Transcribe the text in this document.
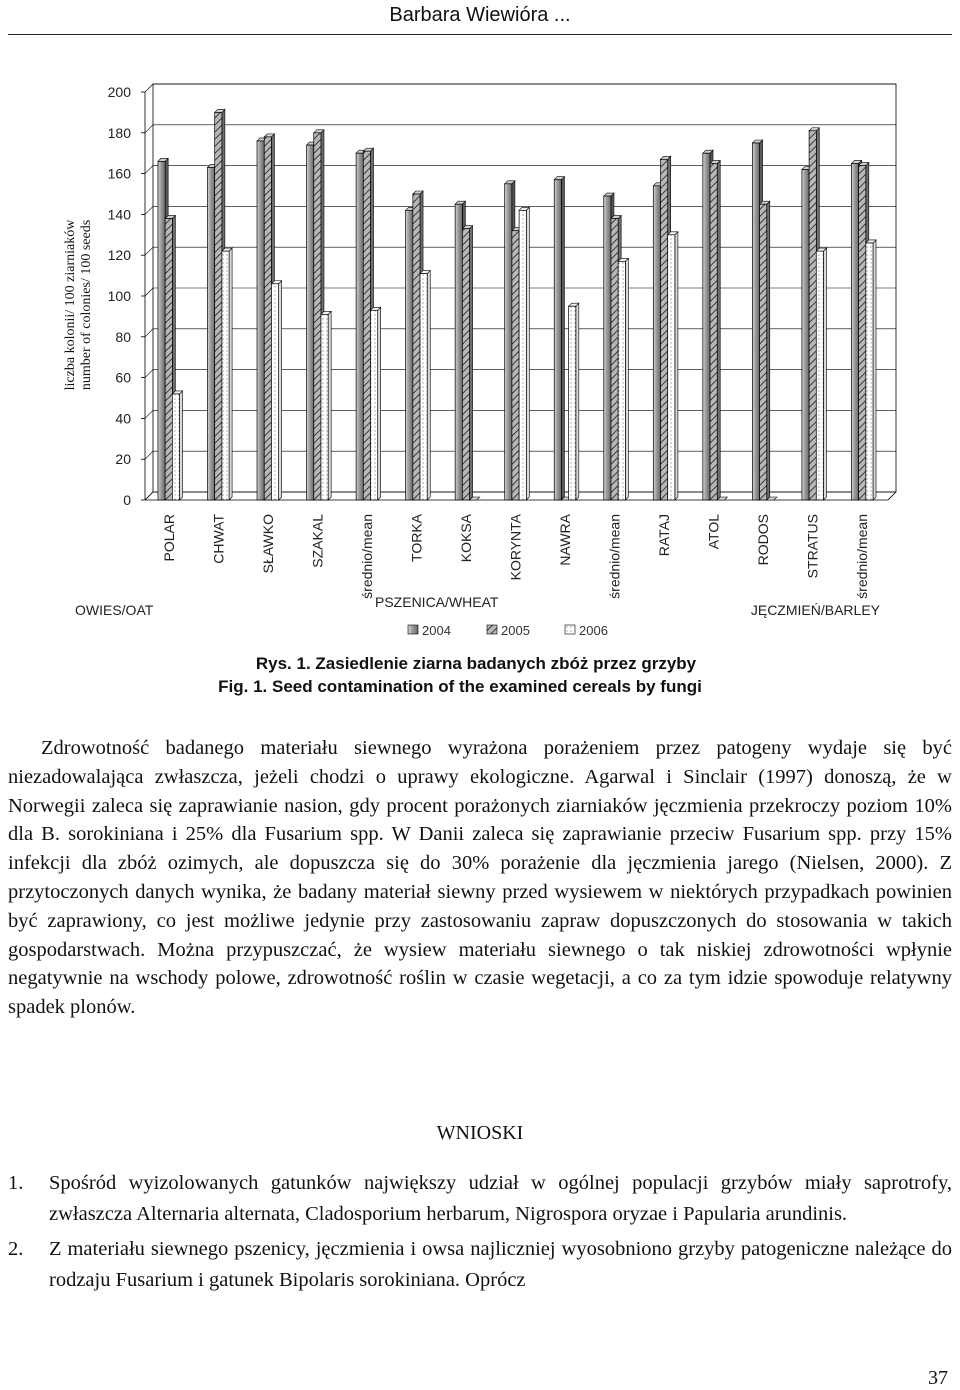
Barbara Wiewióra ...
0
20
40
60
80
100
120
140
160
180
200
POLAR CHWAT SŁAWKO SZAKAL średnio/mean TORKA KOKSA KORYNTA NAWRA średnio/mean RATAJ ATOL RODOS STRATUS średnio/mean
OWIES/OAT	PSZENICA/WHEAT	JĘCZMIEŃ/BARLEY
2004	2005	2006
liczba kolonii/ 100 ziarniaków number of colonies/ 100 seeds
Rys. 1. Zasiedlenie ziarna badanych zbóż przez grzyby
Fig. 1. Seed contamination of the examined cereals by fungi

Zdrowotność badanego materiału siewnego wyrażona porażeniem przez patogeny wydaje się być niezadowalająca zwłaszcza, jeżeli chodzi o uprawy ekologiczne. Agarwal i Sinclair (1997) donoszą, że w Norwegii zaleca się zaprawianie nasion, gdy procent porażonych ziarniaków jęczmienia przekroczy poziom 10% dla B. sorokiniana i 25% dla Fusarium spp. W Danii zaleca się zaprawianie przeciw Fusarium spp. przy 15% infekcji dla zbóż ozimych, ale dopuszcza się do 30% porażenie dla jęczmienia jarego (Nielsen, 2000). Z przytoczonych danych wynika, że badany materiał siewny przed wysiewem w niektórych przypadkach powinien być zaprawiony, co jest możliwe jedynie przy zastosowaniu zapraw dopuszczonych do stosowania w takich gospodarstwach. Można przypuszczać, że wysiew materiału siewnego o tak niskiej zdrowotności wpłynie negatywnie na wschody polowe, zdrowotność roślin w czasie wegetacji, a co za tym idzie spowoduje relatywny spadek plonów.

WNIOSKI
1. Spośród wyizolowanych gatunków największy udział w ogólnej populacji grzybów miały saprotrofy, zwłaszcza Alternaria alternata, Cladosporium herbarum, Nigrospora oryzae i Papularia arundinis.
2. Z materiału siewnego pszenicy, jęczmienia i owsa najliczniej wyosobniono grzyby patogeniczne należące do rodzaju Fusarium i gatunek Bipolaris sorokiniana. Oprócz
37
